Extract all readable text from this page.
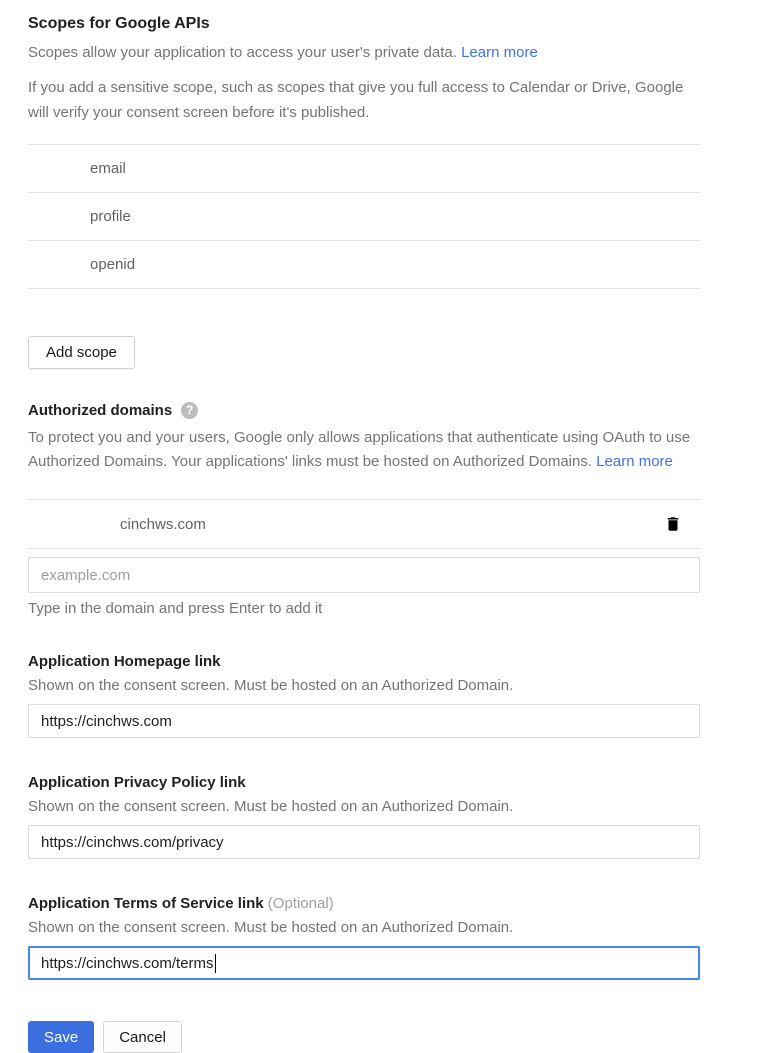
Scopes for Google APIs
Scopes allow your application to access your user's private data. Learn more
If you add a sensitive scope, such as scopes that give you full access to Calendar or Drive, Google will verify your consent screen before it's published.
email
profile
openid
Add scope
Authorized domains	?
To protect you and your users, Google only allows applications that authenticate using OAuth to use Authorized Domains. Your applications' links must be hosted on Authorized Domains. Learn more
cinchws.com
example.com
Type in the domain and press Enter to add it
Application Homepage link
Shown on the consent screen. Must be hosted on an Authorized Domain.
https://cinchws.com
Application Privacy Policy link
Shown on the consent screen. Must be hosted on an Authorized Domain.
https://cinchws.com/privacy
Application Terms of Service link (Optional)
Shown on the consent screen. Must be hosted on an Authorized Domain.
https://cinchws.com/terms
Save	Cancel
